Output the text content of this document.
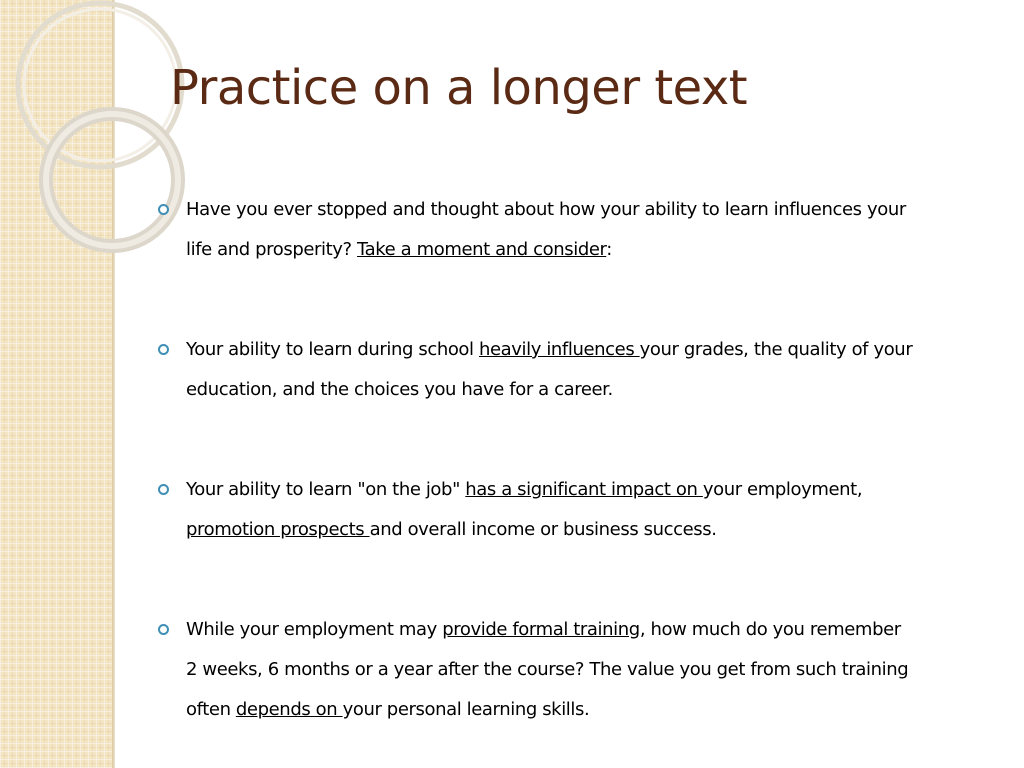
Practice on a longer text
Have you ever stopped and thought about how your ability to learn influences your life and prosperity? Take a moment and consider:
Your ability to learn during school heavily influences your grades, the quality of your education, and the choices you have for a career.
Your ability to learn "on the job" has a significant impact on your employment, promotion prospects and overall income or business success.
While your employment may provide formal training, how much do you remember 2 weeks, 6 months or a year after the course? The value you get from such training often depends on your personal learning skills.
